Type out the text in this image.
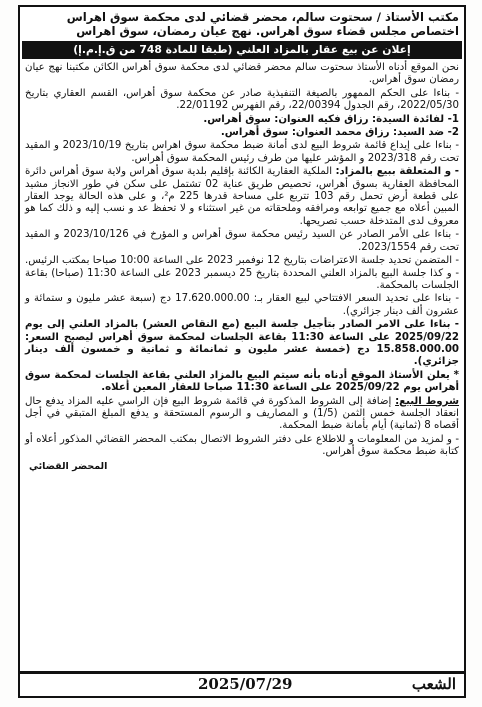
مكتب الأستاذ / سحتوت سالم، محضر قضائي لدى محكمة سوق اهراس
اختصاص مجلس قضاء سوق اهراس. نهج عيان رمضان، سوق اهراس
إعلان عن بيع عقار بالمزاد العلني (طبقا للمادة 748 من ق.إ.م.إ)

نحن الموقع أدناه الأستاذ سحتوت سالم محضر قضائي لدى محكمة سوق أهراس الكائن مكتبنا نهج عيان رمضان سوق أهراس.

- بناءا على الحكم الممهور بالصيغة التنفيذية صادر عن محكمة سوق أهراس، القسم العقاري بتاريخ 2022/05/30، رقم الجدول 22/00394، رقم الفهرس 22/01192.

1- لفائدة السيدة: رزاق فكيه العنوان: سوق أهراس.

2- ضد السيد: رزاق محمد العنوان: سوق أهراس.

- بناءا على إيداع قائمة شروط البيع لدى أمانة ضبط محكمة سوق اهراس بتاريخ 2023/10/19 و المقيد تحت رقم 2023/318 و المؤشر عليها من طرف رئيس المحكمة سوق أهراس.

- و المتعلقة ببيع بالمزاد: الملكية العقارية الكائنة بإقليم بلدية سوق أهراس ولاية سوق أهراس دائرة المحافظة العقارية بسوق أهراس، تحصيص طريق عناية 02 تشتمل على سكن في طور الانجاز مشيد على قطعة أرض تحمل رقم 103 تتربع على مساحة قدرها 225 م²، و على هذه الحالة يوجد العقار المبين أعلاه مع جميع توابعه ومرافقه وملحقاته من غير استثناء و لا تحفظ عد و نسب إليه و ذلك كما هو معروف لدى المتدخلة حسب تصريحها.

- بناءا على الأمر الصادر عن السيد رئيس محكمة سوق أهراس و المؤرخ في 2023/10/126 و المقيد تحت رقم 2023/1554.

- المتضمن تحديد جلسة الاعتراضات بتاريخ 12 نوفمبر 2023 على الساعة 10:00 صباحا بمكتب الرئيس. - و كذا جلسة البيع بالمزاد العلني المحددة بتاريخ 25 ديسمبر 2023 على الساعة 11:30 (صباحا) بقاعة الجلسات بالمحكمة.

- بناءا على تحديد السعر الافتتاحي لبيع العقار بـ: 17.620.000.00 دج (سبعة عشر مليون و ستمائة و عشرون ألف دينار جزائري).

- بناءا على الامر الصادر بتأجيل جلسة البيع (مع النقاص العشر) بالمزاد العلني إلى يوم 2025/09/22 على الساعة 11:30 بقاعة الجلسات لمحكمة سوق أهراس ليصبح السعر: 15.858.000.00 دج (خمسة عشر مليون و ثمانمائة و ثمانية و خمسون ألف دينار جزائري).

* يعلن الأستاذ الموقع أدناه بأنه سيتم البيع بالمزاد العلني بقاعة الجلسات لمحكمة سوق أهراس يوم 2025/09/22 على الساعة 11:30 صباحا للعقار المعين أعلاه.

شروط البيع: إضافة إلى الشروط المذكورة في قائمة شروط البيع فإن الراسي عليه المزاد يدفع حال انعقاد الجلسة خمس الثمن (1/5) و المصاريف و الرسوم المستحقة و يدفع المبلغ المتبقي في أجل أقصاه 8 (ثمانية) أيام بأمانة ضبط المحكمة.

- و لمزيد من المعلومات و للاطلاع على دفتر الشروط الاتصال بمكتب المحضر القضائي المذكور أعلاه أو كتابة ضبط محكمة سوق أهراس.

المحضر القضائي
الشعب
2025/07/29
